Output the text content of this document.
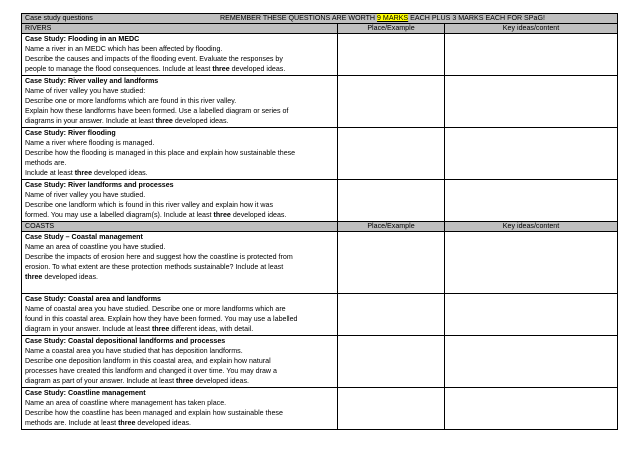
Case study questions REMEMBER THESE QUESTIONS ARE WORTH 9 MARKS EACH PLUS 3 MARKS EACH FOR SPaG!		

RIVERS	Place/Example	Key ideas/content

Case Study: Flooding in an MEDC
Name a river in an MEDC which has been affected by flooding.
Describe the causes and impacts of the flooding event. Evaluate the responses by
people to manage the flood consequences. Include at least three developed ideas.		

Case Study: River valley and landforms
Name of river valley you have studied:
Describe one or more landforms which are found in this river valley.
Explain how these landforms have been formed. Use a labelled diagram or series of
diagrams in your answer. Include at least three developed ideas.		

Case Study: River flooding
Name a river where flooding is managed.
Describe how the flooding is managed in this place and explain how sustainable these
methods are.
Include at least three developed ideas.		

Case Study: River landforms and processes
Name of river valley you have studied.
Describe one landform which is found in this river valley and explain how it was
formed. You may use a labelled diagram(s). Include at least three developed ideas.		

COASTS	Place/Example	Key ideas/content

Case Study – Coastal management
Name an area of coastline you have studied.
Describe the impacts of erosion here and suggest how the coastline is protected from
erosion. To what extent are these protection methods sustainable? Include at least
three developed ideas.		

Case Study: Coastal area and landforms
Name of coastal area you have studied. Describe one or more landforms which are
found in this coastal area. Explain how they have been formed. You may use a labelled
diagram in your answer. Include at least three different ideas, with detail.		

Case Study: Coastal depositional landforms and processes
Name a coastal area you have studied that has deposition landforms.
Describe one deposition landform in this coastal area, and explain how natural
processes have created this landform and changed it over time. You may draw a
diagram as part of your answer. Include at least three developed ideas.		

Case Study: Coastline management
Name an area of coastline where management has taken place.
Describe how the coastline has been managed and explain how sustainable these
methods are. Include at least three developed ideas.		
